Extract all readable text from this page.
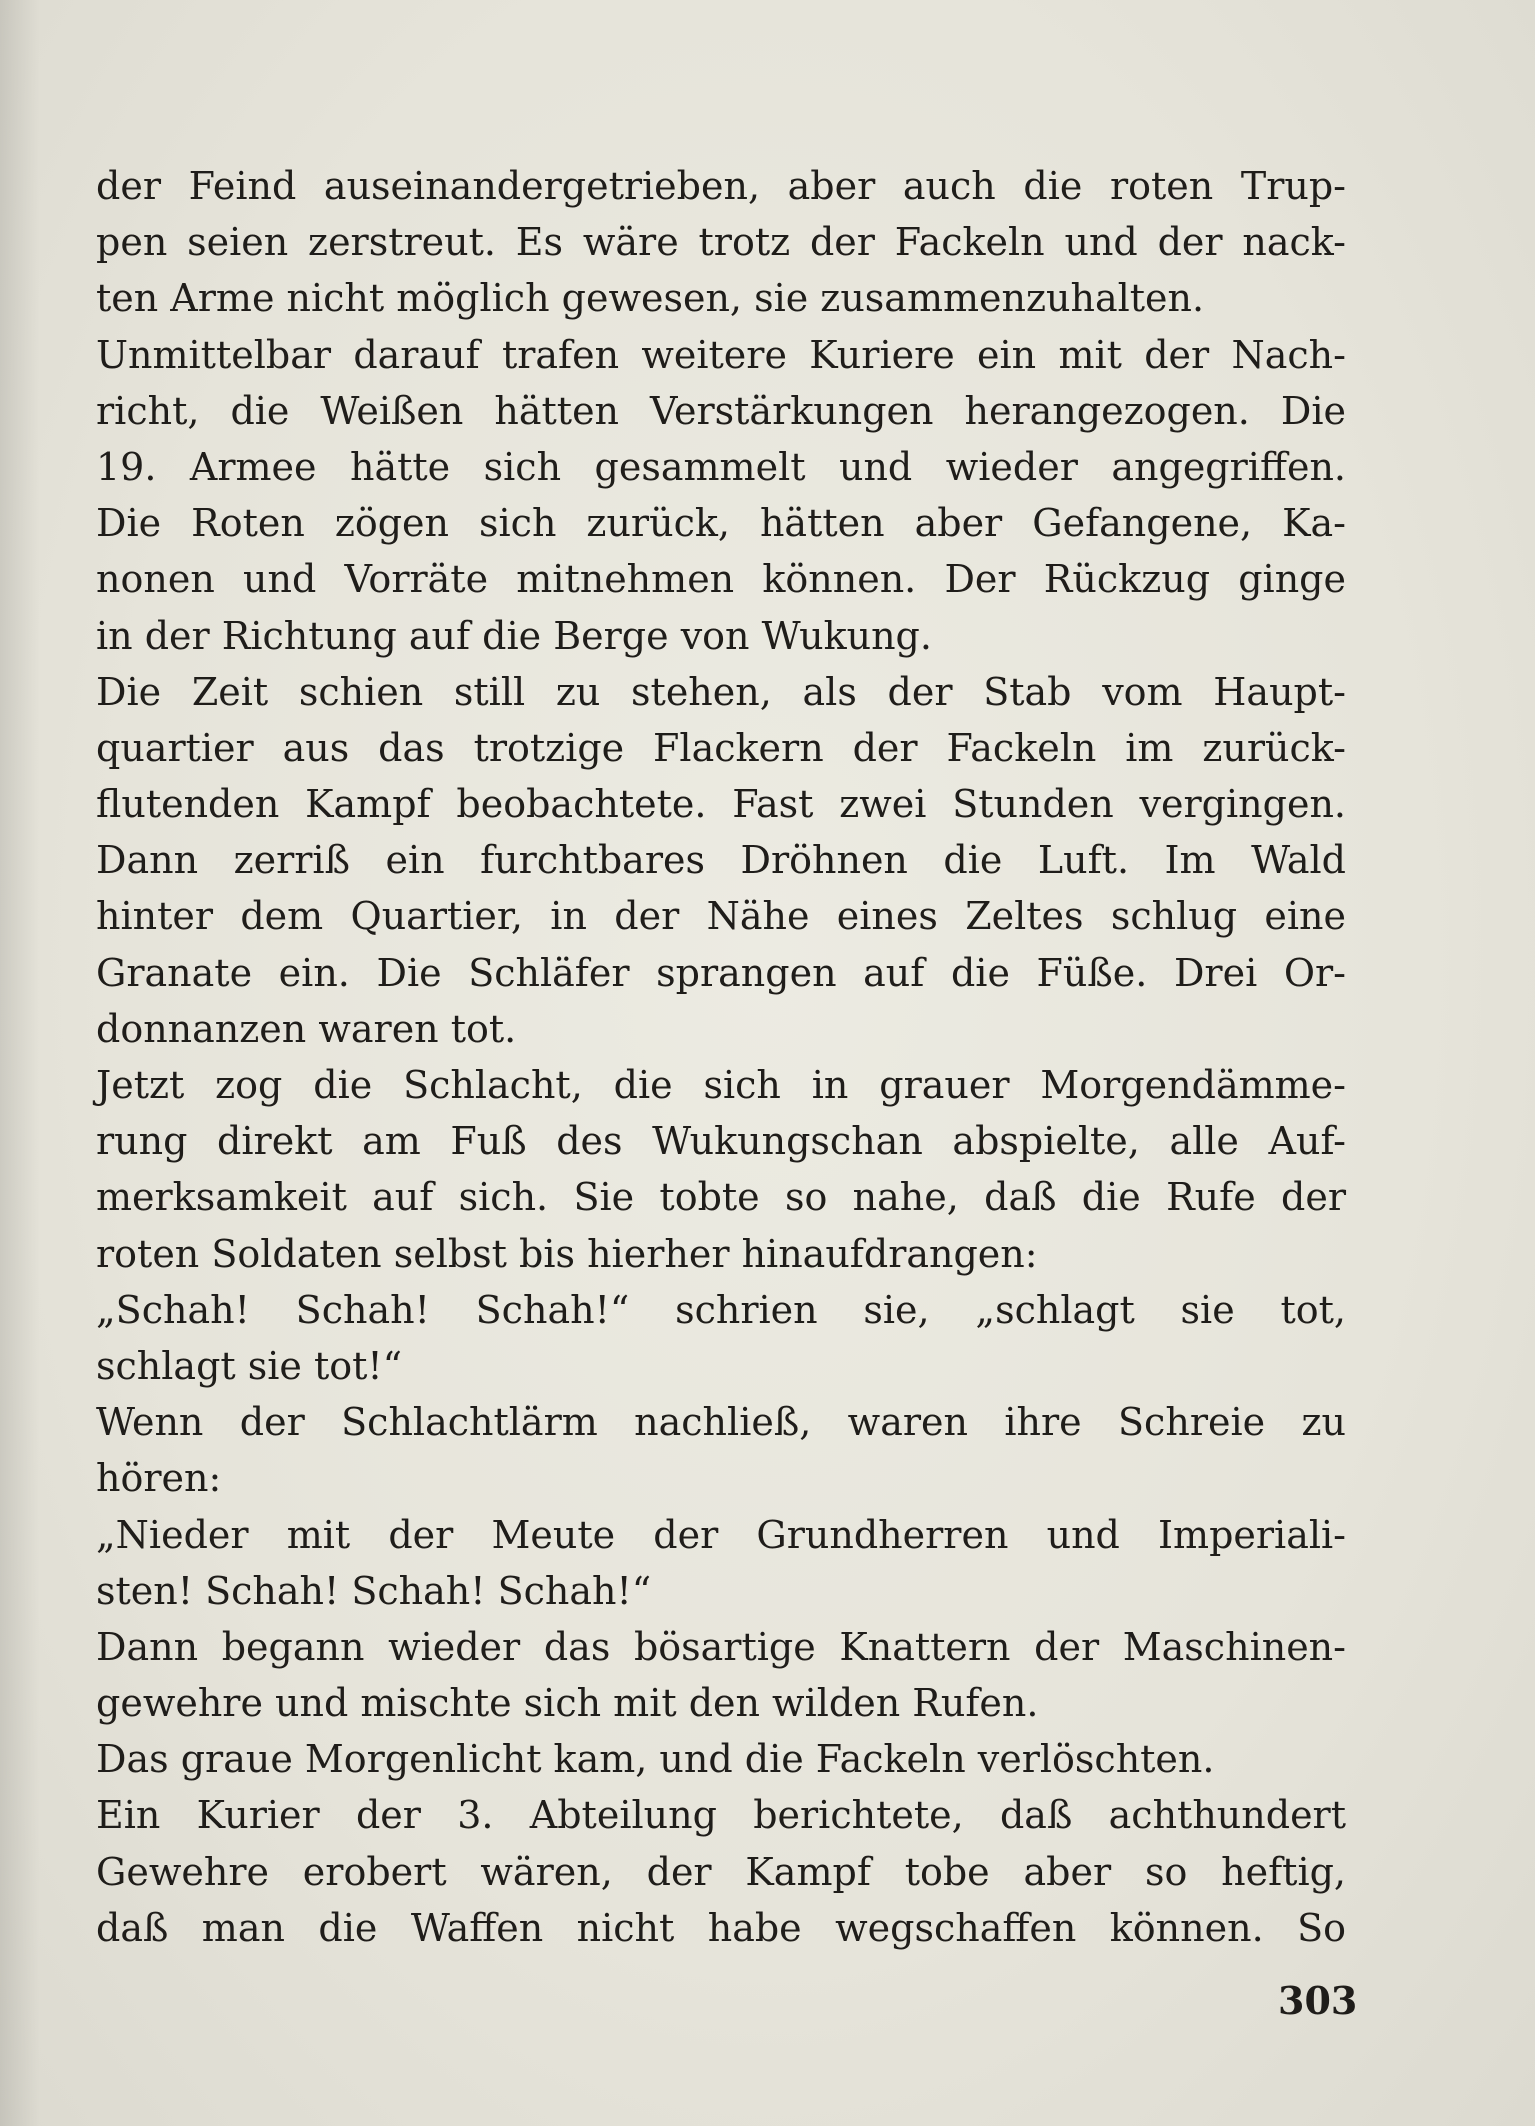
der Feind auseinandergetrieben, aber auch die roten Trup-
pen seien zerstreut. Es wäre trotz der Fackeln und der nack-
ten Arme nicht möglich gewesen, sie zusammenzuhalten.
Unmittelbar darauf trafen weitere Kuriere ein mit der Nach-
richt, die Weißen hätten Verstärkungen herangezogen. Die
19. Armee hätte sich gesammelt und wieder angegriffen.
Die Roten zögen sich zurück, hätten aber Gefangene, Ka-
nonen und Vorräte mitnehmen können. Der Rückzug ginge
in der Richtung auf die Berge von Wukung.
Die Zeit schien still zu stehen, als der Stab vom Haupt-
quartier aus das trotzige Flackern der Fackeln im zurück-
flutenden Kampf beobachtete. Fast zwei Stunden vergingen.
Dann zerriß ein furchtbares Dröhnen die Luft. Im Wald
hinter dem Quartier, in der Nähe eines Zeltes schlug eine
Granate ein. Die Schläfer sprangen auf die Füße. Drei Or-
donnanzen waren tot.
Jetzt zog die Schlacht, die sich in grauer Morgendämme-
rung direkt am Fuß des Wukungschan abspielte, alle Auf-
merksamkeit auf sich. Sie tobte so nahe, daß die Rufe der
roten Soldaten selbst bis hierher hinaufdrangen:
„Schah! Schah! Schah!“ schrien sie, „schlagt sie tot,
schlagt sie tot!“
Wenn der Schlachtlärm nachließ, waren ihre Schreie zu
hören:
„Nieder mit der Meute der Grundherren und Imperiali-
sten! Schah! Schah! Schah!“
Dann begann wieder das bösartige Knattern der Maschinen-
gewehre und mischte sich mit den wilden Rufen.
Das graue Morgenlicht kam, und die Fackeln verlöschten.
Ein Kurier der 3. Abteilung berichtete, daß achthundert
Gewehre erobert wären, der Kampf tobe aber so heftig,
daß man die Waffen nicht habe wegschaffen können. So
303
